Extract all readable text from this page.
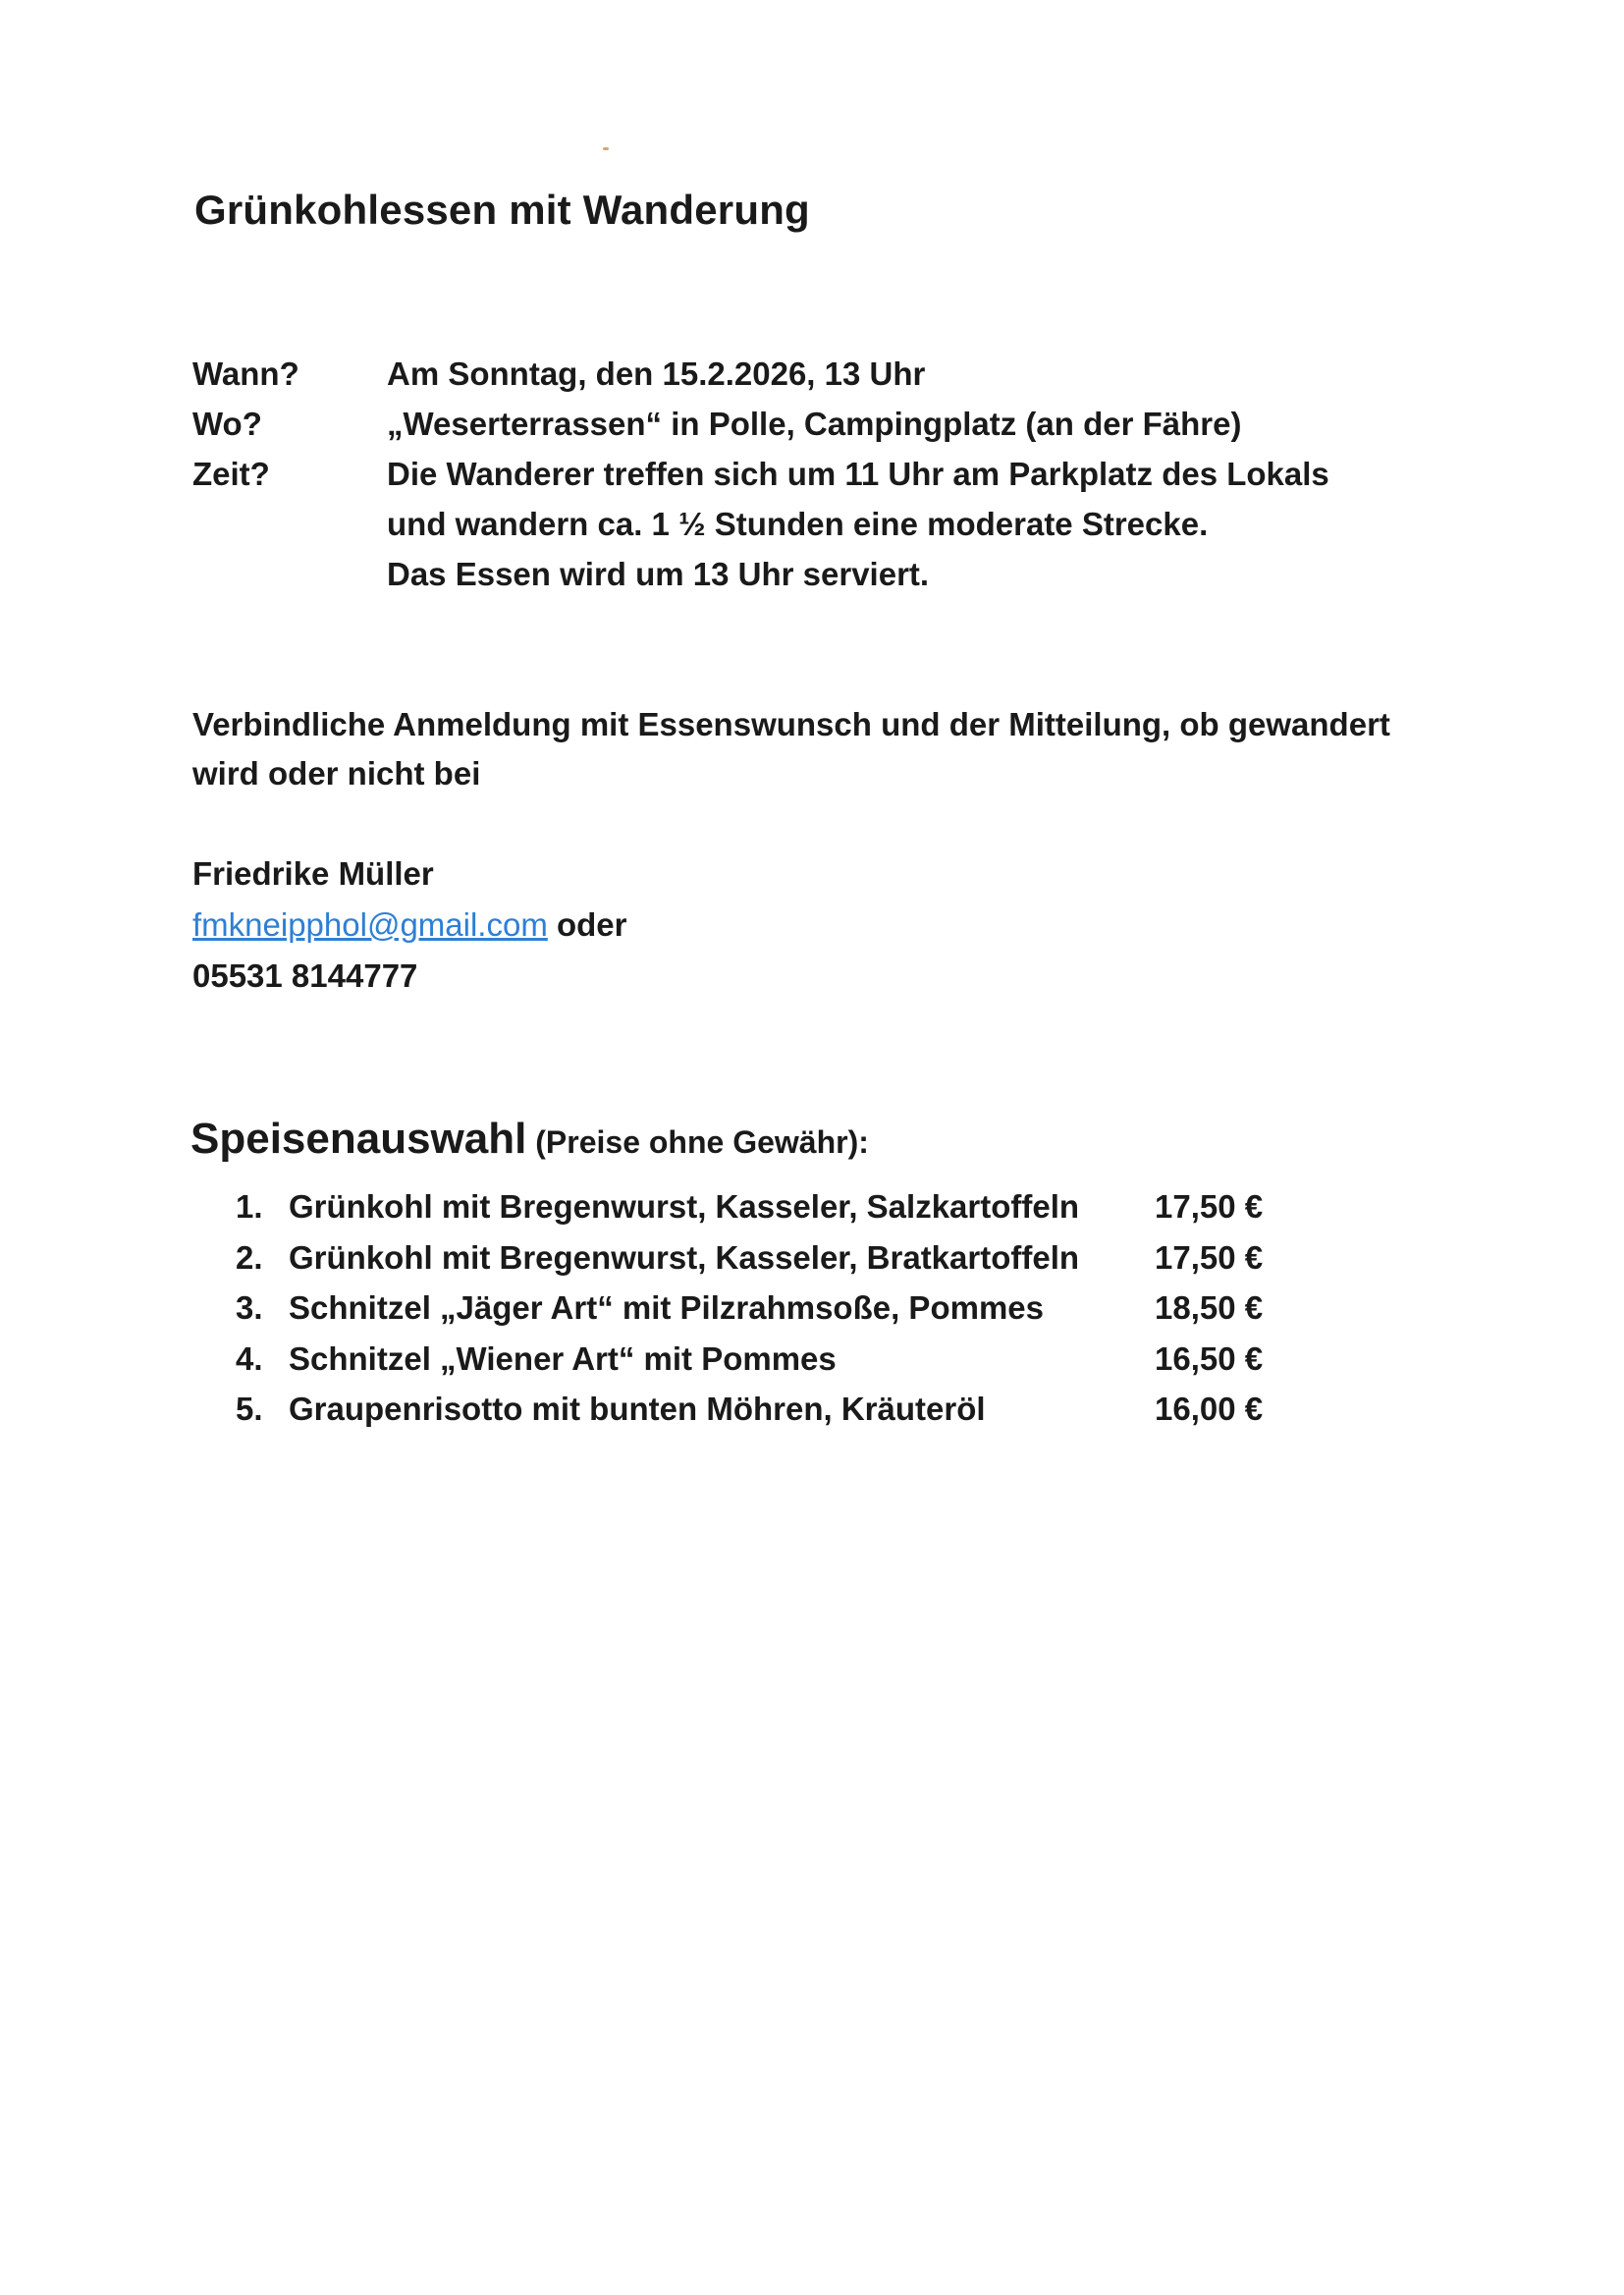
Grünkohlessen mit Wanderung
Wann?	Am Sonntag, den 15.2.2026, 13 Uhr
Wo?	„Weserterrassen“ in Polle, Campingplatz (an der Fähre)
Zeit?	Die Wanderer treffen sich um 11 Uhr am Parkplatz des Lokals
und wandern ca. 1 ½ Stunden eine moderate Strecke.
Das Essen wird um 13 Uhr serviert.
Verbindliche Anmeldung mit Essenswunsch und der Mitteilung, ob gewandert
wird oder nicht bei
Friedrike Müller
fmkneipphol@gmail.com oder
05531 8144777
Speisenauswahl (Preise ohne Gewähr):
1. Grünkohl mit Bregenwurst, Kasseler, Salzkartoffeln	17,50 €
2. Grünkohl mit Bregenwurst, Kasseler, Bratkartoffeln	17,50 €
3. Schnitzel „Jäger Art“ mit Pilzrahmsoße, Pommes	18,50 €
4. Schnitzel „Wiener Art“ mit Pommes	16,50 €
5. Graupenrisotto mit bunten Möhren, Kräuteröl	16,00 €
